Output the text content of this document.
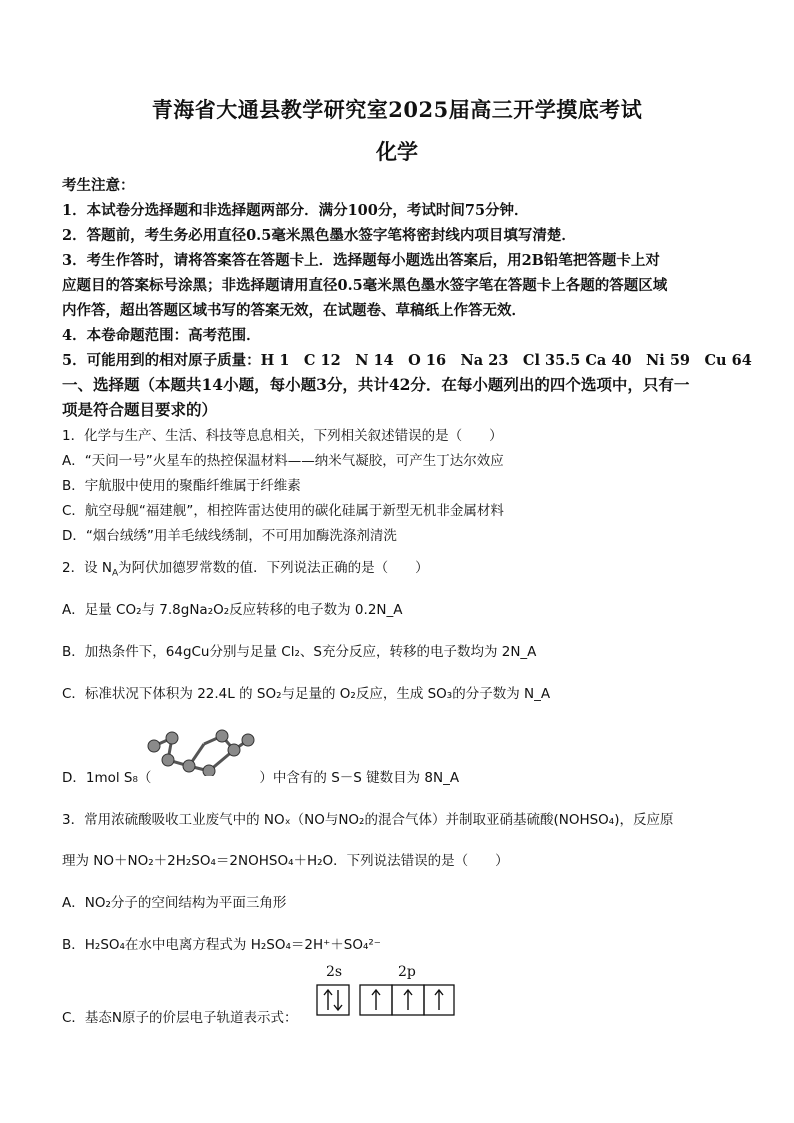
青海省大通县教学研究室2025届高三开学摸底考试
化学
考生注意：
1．本试卷分选择题和非选择题两部分．满分100分，考试时间75分钟．
2．答题前，考生务必用直径0.5毫米黑色墨水签字笔将密封线内项目填写清楚．
3．考生作答时，请将答案答在答题卡上．选择题每小题选出答案后，用2B铅笔把答题卡上对
应题目的答案标号涂黑；非选择题请用直径0.5毫米黑色墨水签字笔在答题卡上各题的答题区域
内作答，超出答题区域书写的答案无效，在试题卷、草稿纸上作答无效．
4．本卷命题范围：高考范围．
5．可能用到的相对原子质量：H 1　C 12　N 14　O 16　Na 23　Cl 35.5 Ca 40　Ni 59　Cu 64
一、选择题（本题共14小题，每小题3分，共计42分．在每小题列出的四个选项中，只有一
项是符合题目要求的）
1．化学与生产、生活、科技等息息相关，下列相关叙述错误的是（　　）
A．“天问一号”火星车的热控保温材料——纳米气凝胶，可产生丁达尔效应
B．宇航服中使用的聚酯纤维属于纤维素
C．航空母舰“福建舰”，相控阵雷达使用的碳化硅属于新型无机非金属材料
D．“烟台绒绣”用羊毛绒线绣制，不可用加酶洗涤剂清洗
2．设 $N_A$为阿伏加德罗常数的值．下列说法正确的是（　　）
A．足量 CO₂与 7.8gNa₂O₂反应转移的电子数为 0.2N_A
B．加热条件下，64gCu分别与足量 Cl₂、S充分反应，转移的电子数均为 2N_A
C．标准状况下体积为 22.4L 的 SO₂与足量的 O₂反应，生成 SO₃的分子数为 N_A
D．1mol S₈（	）中含有的 S－S 键数目为 8N_A
3．常用浓硫酸吸收工业废气中的 NOₓ（NO与NO₂的混合气体）并制取亚硝基硫酸(NOHSO₄)，反应原
理为 NO＋NO₂＋2H₂SO₄＝2NOHSO₄＋H₂O．下列说法错误的是（　　）
A．NO₂分子的空间结构为平面三角形
B．H₂SO₄在水中电离方程式为 H₂SO₄＝2H⁺＋SO₄²⁻
C．基态N原子的价层电子轨道表示式：
2s	2p
